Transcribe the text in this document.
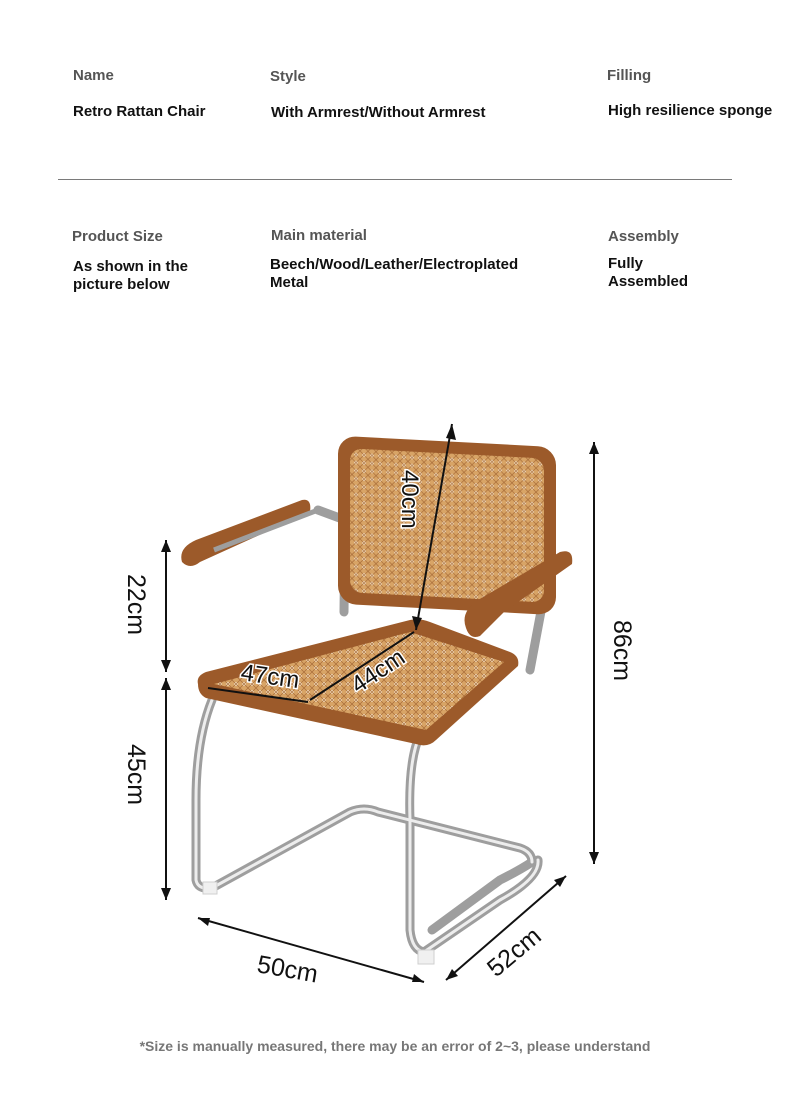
Name
Retro Rattan Chair
Style
With Armrest/Without Armrest
Filling
High resilience sponge
Product Size
As shown in the
picture below
Main material
Beech/Wood/Leather/Electroplated
Metal
Assembly
Fully
Assembled
40cm
22cm
45cm
86cm
47cm 44cm
50cm	52cm
*Size is manually measured, there may be an error of 2~3, please understand
